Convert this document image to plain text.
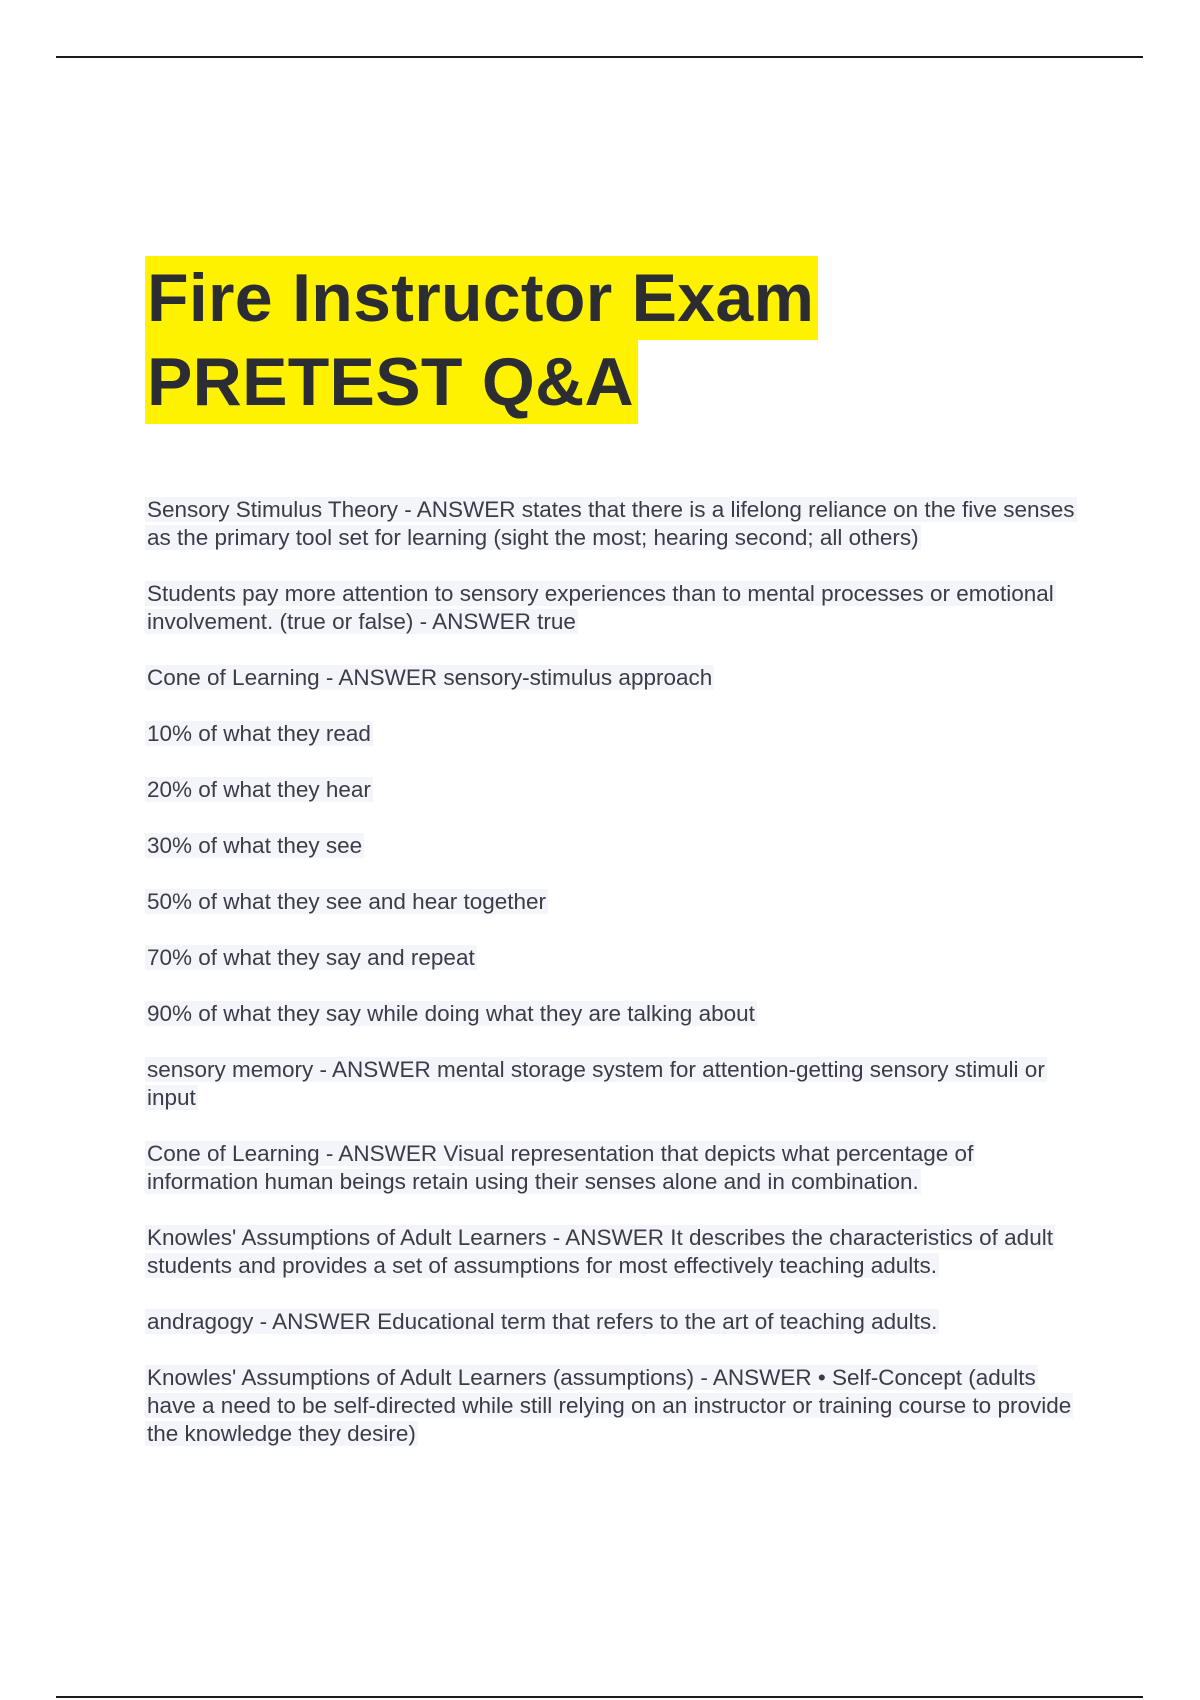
Fire Instructor Exam
PRETEST Q&A

Sensory Stimulus Theory - ANSWER states that there is a lifelong reliance on the five senses as the primary tool set for learning (sight the most; hearing second; all others)

Students pay more attention to sensory experiences than to mental processes or emotional involvement. (true or false) - ANSWER true

Cone of Learning - ANSWER sensory-stimulus approach

10% of what they read

20% of what they hear

30% of what they see

50% of what they see and hear together

70% of what they say and repeat

90% of what they say while doing what they are talking about

sensory memory - ANSWER mental storage system for attention-getting sensory stimuli or input

Cone of Learning - ANSWER Visual representation that depicts what percentage of information human beings retain using their senses alone and in combination.

Knowles' Assumptions of Adult Learners - ANSWER It describes the characteristics of adult students and provides a set of assumptions for most effectively teaching adults.

andragogy - ANSWER Educational term that refers to the art of teaching adults.

Knowles' Assumptions of Adult Learners (assumptions) - ANSWER • Self-Concept (adults have a need to be self-directed while still relying on an instructor or training course to provide the knowledge they desire)
